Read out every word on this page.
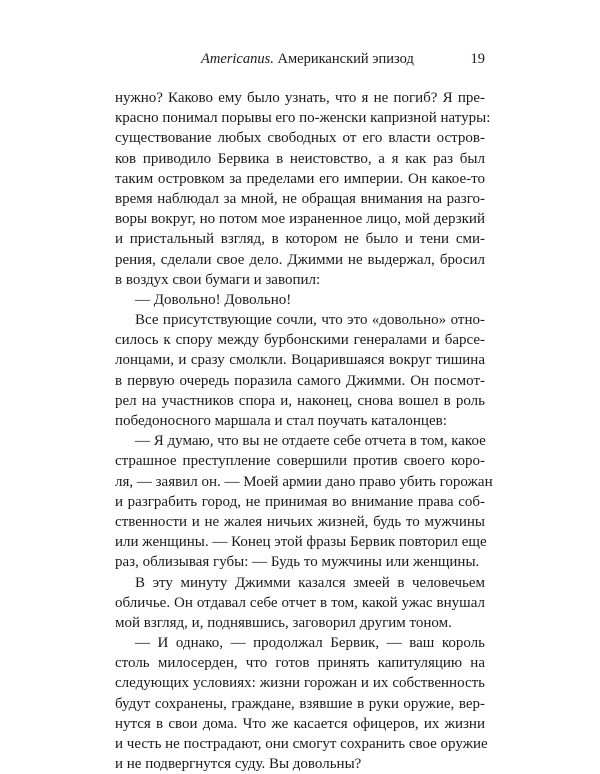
Americanus. Американский эпизод	19
нужно? Каково ему было узнать, что я не погиб? Я пре-
красно понимал порывы его по-женски капризной натуры:
существование любых свободных от его власти остров-
ков приводило Бервика в неистовство, а я как раз был
таким островком за пределами его империи. Он какое-то
время наблюдал за мной, не обращая внимания на разго-
воры вокруг, но потом мое израненное лицо, мой дерзкий
и пристальный взгляд, в котором не было и тени сми-
рения, сделали свое дело. Джимми не выдержал, бросил
в воздух свои бумаги и завопил:
— Довольно! Довольно!
Все присутствующие сочли, что это «довольно» отно-
силось к спору между бурбонскими генералами и барсе-
лонцами, и сразу смолкли. Воцарившаяся вокруг тишина
в первую очередь поразила самого Джимми. Он посмот-
рел на участников спора и, наконец, снова вошел в роль
победоносного маршала и стал поучать каталонцев:
— Я думаю, что вы не отдаете себе отчета в том, какое
страшное преступление совершили против своего коро-
ля, — заявил он. — Моей армии дано право убить горожан
и разграбить город, не принимая во внимание права соб-
ственности и не жалея ничьих жизней, будь то мужчины
или женщины. — Конец этой фразы Бервик повторил еще
раз, облизывая губы: — Будь то мужчины или женщины.
В эту минуту Джимми казался змеей в человечьем
обличье. Он отдавал себе отчет в том, какой ужас внушал
мой взгляд, и, поднявшись, заговорил другим тоном.
— И однако, — продолжал Бервик, — ваш король
столь милосерден, что готов принять капитуляцию на
следующих условиях: жизни горожан и их собственность
будут сохранены, граждане, взявшие в руки оружие, вер-
нутся в свои дома. Что же касается офицеров, их жизни
и честь не пострадают, они смогут сохранить свое оружие
и не подвергнутся суду. Вы довольны?
